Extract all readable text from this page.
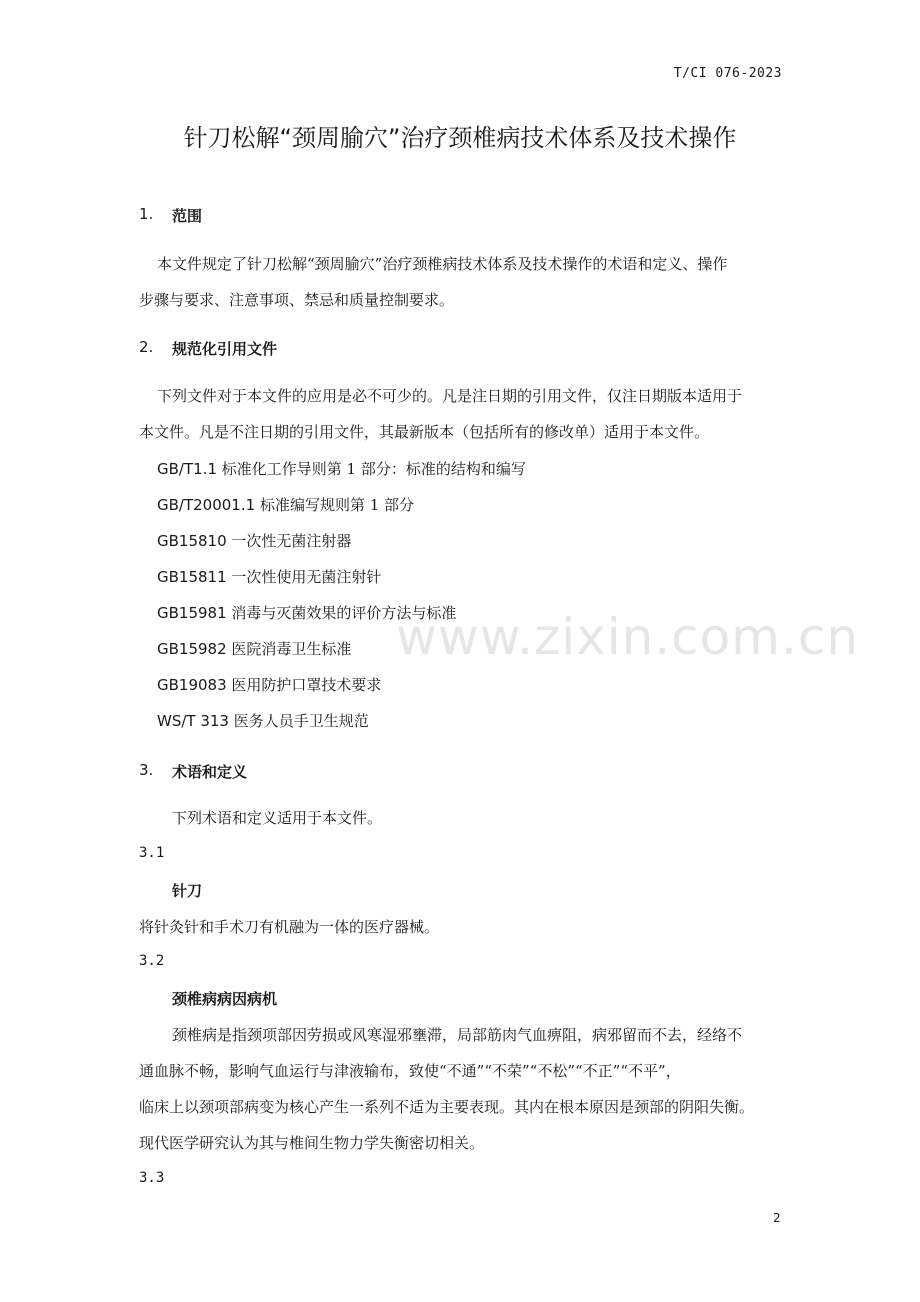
T/CI 076-2023
针刀松解“颈周腧穴”治疗颈椎病技术体系及技术操作
1. 范围
本文件规定了针刀松解“颈周腧穴”治疗颈椎病技术体系及技术操作的术语和定义、操作
步骤与要求、注意事项、禁忌和质量控制要求。
2. 规范化引用文件
下列文件对于本文件的应用是必不可少的。凡是注日期的引用文件，仅注日期版本适用于
本文件。凡是不注日期的引用文件，其最新版本（包括所有的修改单）适用于本文件。
GB/T1.1 标准化工作导则第 1 部分：标准的结构和编写
GB/T20001.1 标准编写规则第 1 部分
GB15810 一次性无菌注射器
GB15811 一次性使用无菌注射针
GB15981 消毒与灭菌效果的评价方法与标准
GB15982 医院消毒卫生标准
GB19083 医用防护口罩技术要求
WS/T 313 医务人员手卫生规范
3. 术语和定义
下列术语和定义适用于本文件。
3.1
针刀
将针灸针和手术刀有机融为一体的医疗器械。
3.2
颈椎病病因病机
颈椎病是指颈项部因劳损或风寒湿邪壅滞，局部筋肉气血痹阻，病邪留而不去，经络不
通血脉不畅，影响气血运行与津液输布，致使“不通”“不荣”“不松”“不正”“不平”，
临床上以颈项部病变为核心产生一系列不适为主要表现。其内在根本原因是颈部的阴阳失衡。
现代医学研究认为其与椎间生物力学失衡密切相关。
3.3
www.zixin.com.cn
2
